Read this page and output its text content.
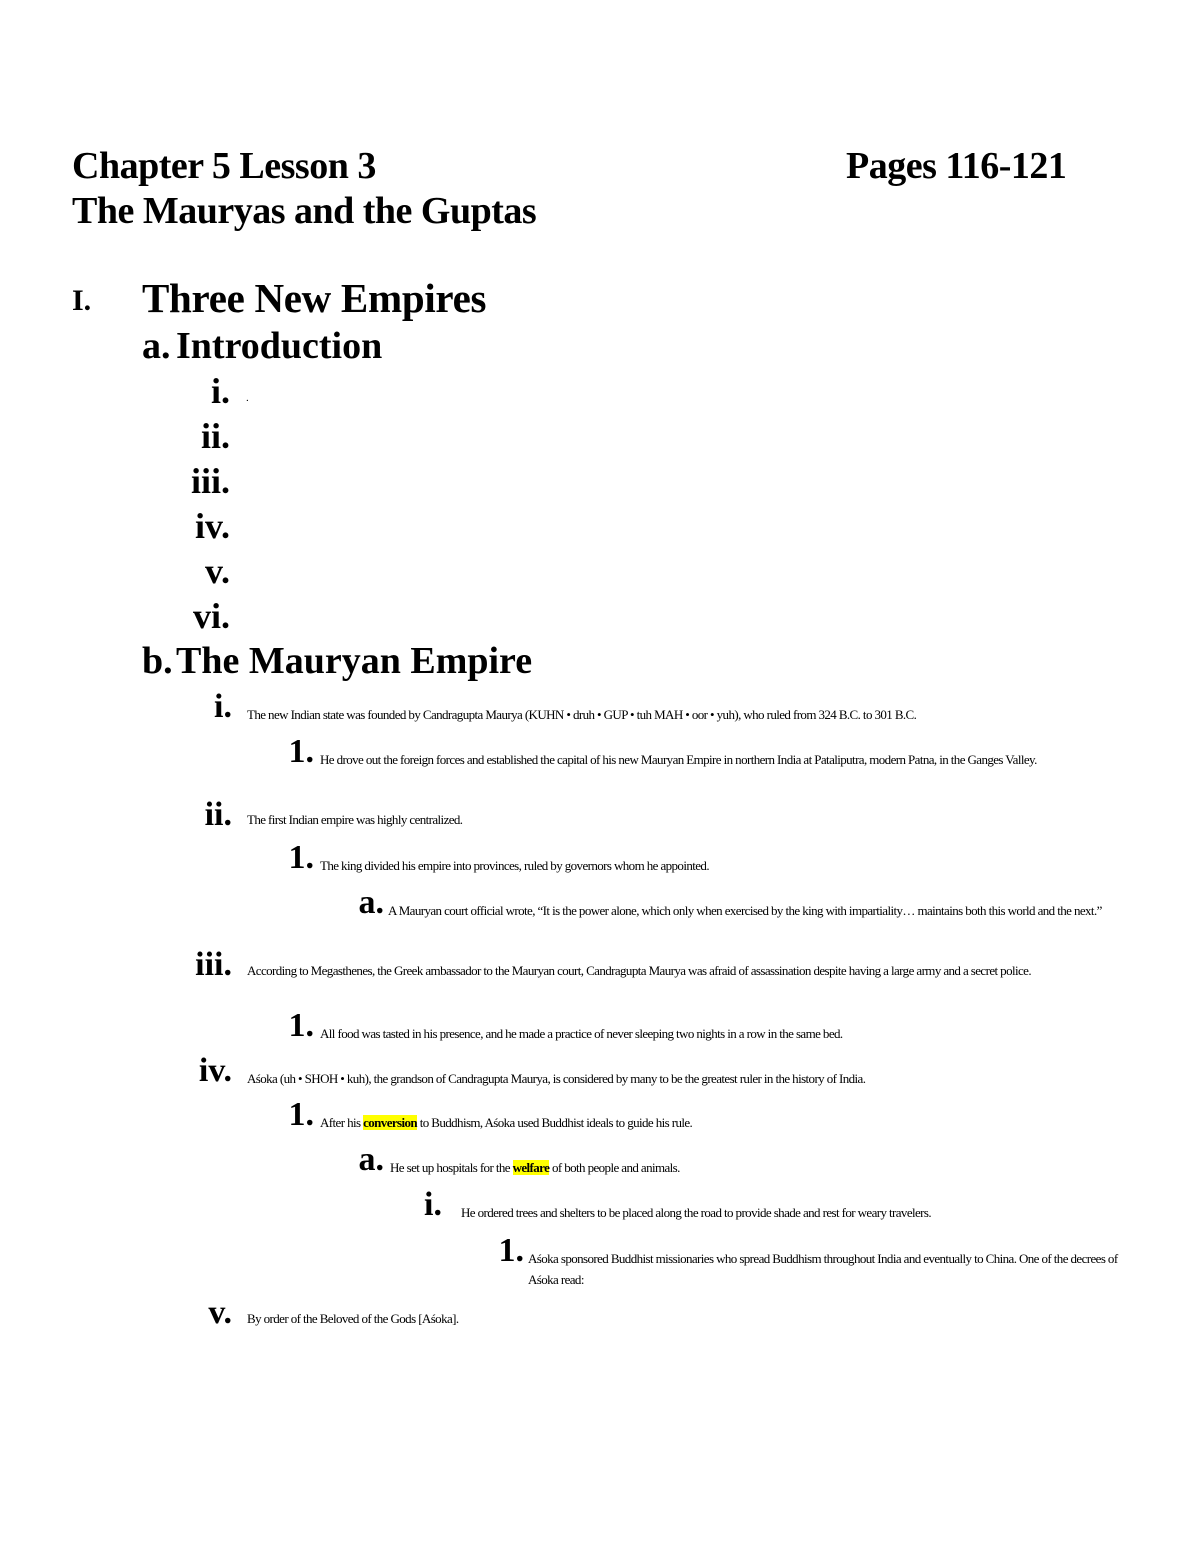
Chapter 5 Lesson 3	Pages 116-121
The Mauryas and the Guptas
I. Three New Empires
a. Introduction
i. .
ii.
iii.
iv.
v.
vi.
b.The Mauryan Empire
i. The new Indian state was founded by Candragupta Maurya (KUHN • druh • GUP • tuh MAH • oor • yuh), who ruled from 324 B.C. to 301 B.C.
1. He drove out the foreign forces and established the capital of his new Mauryan Empire in northern India at Pataliputra, modern Patna, in the Ganges Valley.
ii. The first Indian empire was highly centralized.
1. The king divided his empire into provinces, ruled by governors whom he appointed.
a. A Mauryan court official wrote, “It is the power alone, which only when exercised by the king with impartiality… maintains both this world and the next.”
iii. According to Megasthenes, the Greek ambassador to the Mauryan court, Candragupta Maurya was afraid of assassination despite having a large army and a secret police.
1. All food was tasted in his presence, and he made a practice of never sleeping two nights in a row in the same bed.
iv. Aśoka (uh • SHOH • kuh), the grandson of Candragupta Maurya, is considered by many to be the greatest ruler in the history of India.
1. After his conversion to Buddhism, Aśoka used Buddhist ideals to guide his rule.
a. He set up hospitals for the welfare of both people and animals.
i. He ordered trees and shelters to be placed along the road to provide shade and rest for weary travelers.
1. Aśoka sponsored Buddhist missionaries who spread Buddhism throughout India and eventually to China. One of the decrees of Aśoka read:
v. By order of the Beloved of the Gods [Aśoka].
